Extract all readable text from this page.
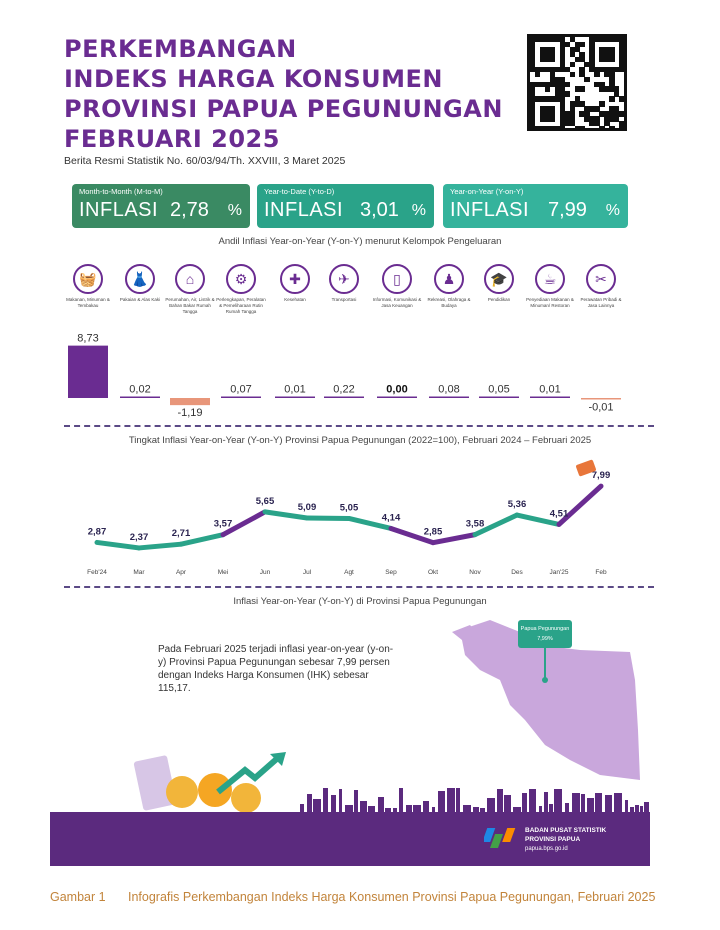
PERKEMBANGAN
INDEKS HARGA KONSUMEN
PROVINSI PAPUA PEGUNUNGAN
FEBRUARI 2025
Berita Resmi Statistik No. 60/03/94/Th. XXVIII, 3 Maret 2025
Month-to-Month (M-to-M)
INFLASI 2,78 %
Year-to-Date (Y-to-D)
INFLASI 3,01 %
Year-on-Year (Y-on-Y)
INFLASI 7,99 %
Andil Inflasi Year-on-Year (Y-on-Y) menurut Kelompok Pengeluaran
🧺
Makanan, Minuman & Tembakau
👗
Pakaian & Alas Kaki
⌂
Perumahan, Air, Listrik & Bahan Bakar Rumah Tangga
⚙
Perlengkapan, Peralatan & Pemeliharaan Rutin Rumah Tangga
✚
Kesehatan
✈
Transportasi
▯
Informasi, Komunikasi & Jasa Keuangan
♟
Rekreasi, Olahraga & Budaya
🎓
Pendidikan
☕
Penyediaan Makanan & Minuman/ Restoran
✂
Perawatan Pribadi & Jasa Lainnya
8,73
0,02
-1,19
0,07	0,01	0,22	0,00	0,08	0,05	0,01
-0,01
Tingkat Inflasi Year-on-Year (Y-on-Y) Provinsi Papua Pegunungan (2022=100), Februari 2024 – Februari 2025
2,87
Feb'24
2,37
Mar
2,71
Apr
3,57
Mei
5,65
Jun
5,09
Jul
5,05
Agt
4,14
Sep
2,85
Okt
3,58
Nov
5,36
Des
4,51
Jan'25
7,99
Feb
Inflasi Year-on-Year (Y-on-Y) di Provinsi Papua Pegunungan
Pada Februari 2025 terjadi inflasi year-on-year (y-on-y) Provinsi Papua Pegunungan sebesar 7,99 persen dengan Indeks Harga Konsumen (IHK) sebesar 115,17.
Papua Pegunungan
7,99%
BADAN PUSAT STATISTIK
PROVINSI PAPUA
papua.bps.go.id
Gambar 1 Infografis Perkembangan Indeks Harga Konsumen Provinsi Papua Pegunungan, Februari 2025
